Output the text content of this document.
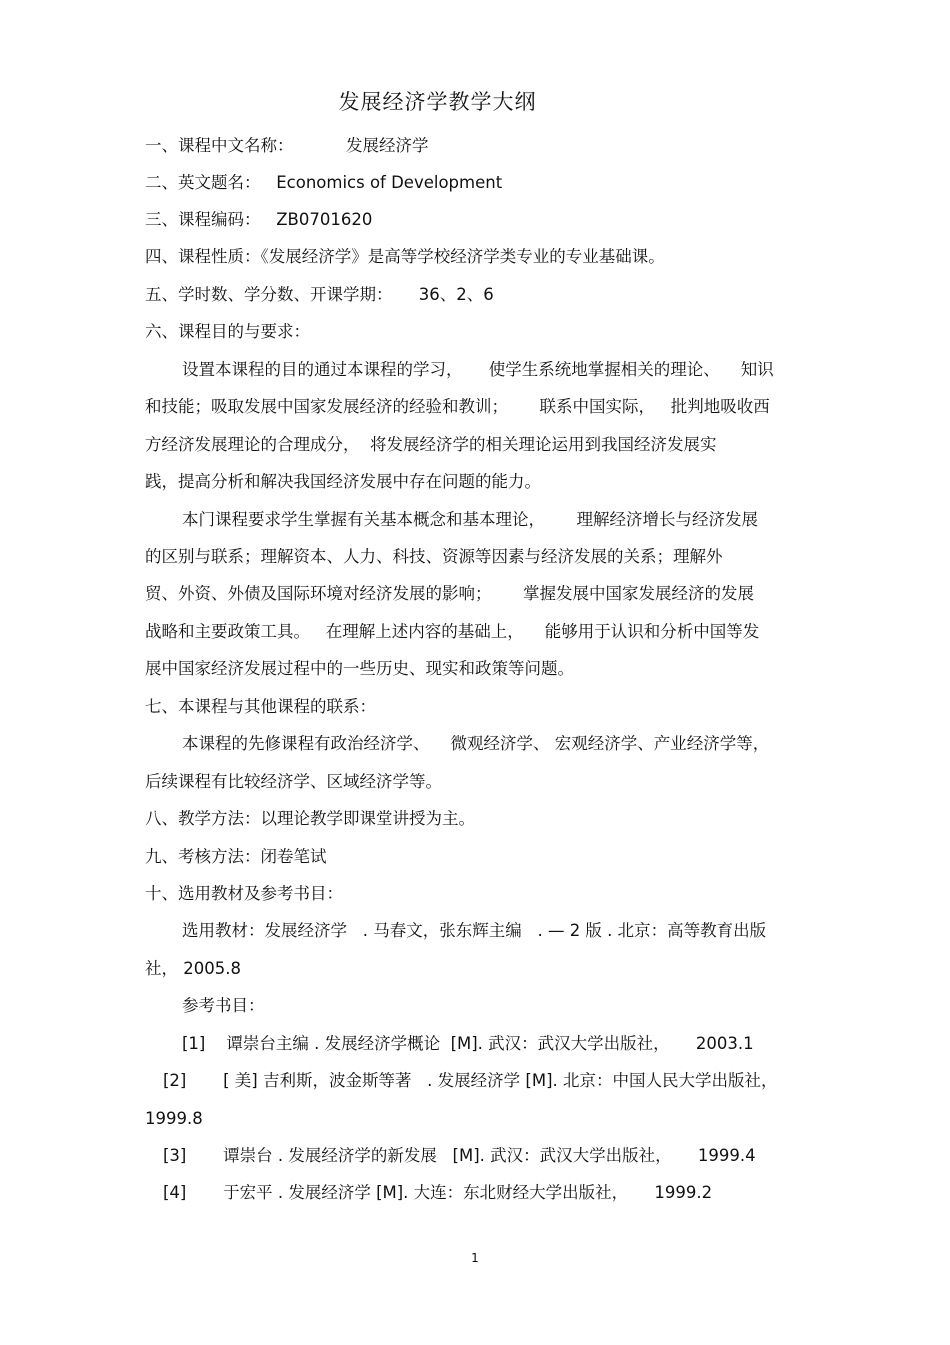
发展经济学教学大纲
一、课程中文名称：          发展经济学
二、英文题名：   Economics of Development
三、课程编码：   ZB0701620
四、课程性质：《发展经济学》是高等学校经济学类专业的专业基础课。
五、学时数、学分数、开课学期：     36、2、6
六、课程目的与要求：
设置本课程的目的通过本课程的学习，     使学生系统地掌握相关的理论、    知识
和技能；吸取发展中国家发展经济的经验和教训；      联系中国实际，   批判地吸收西
方经济发展理论的合理成分，  将发展经济学的相关理论运用到我国经济发展实
践，提高分析和解决我国经济发展中存在问题的能力。
本门课程要求学生掌握有关基本概念和基本理论，      理解经济增长与经济发展
的区别与联系；理解资本、人力、科技、资源等因素与经济发展的关系；理解外
贸、外资、外债及国际环境对经济发展的影响；      掌握发展中国家发展经济的发展
战略和主要政策工具。   在理解上述内容的基础上，    能够用于认识和分析中国等发
展中国家经济发展过程中的一些历史、现实和政策等问题。
七、本课程与其他课程的联系：
本课程的先修课程有政治经济学、    微观经济学、 宏观经济学、产业经济学等，
后续课程有比较经济学、区域经济学等。
八、教学方法：以理论教学即课堂讲授为主。
九、考核方法：闭卷笔试
十、选用教材及参考书目：
选用教材：发展经济学   . 马春文，张东辉主编   . — 2 版 . 北京：高等教育出版
社， 2005.8
参考书目：
[1]    谭崇台主编 . 发展经济学概论  [M]. 武汉：武汉大学出版社，     2003.1
[2]       [ 美] 吉利斯，波金斯等著   . 发展经济学 [M]. 北京：中国人民大学出版社，
1999.8
[3]       谭崇台 . 发展经济学的新发展   [M]. 武汉：武汉大学出版社，     1999.4
[4]       于宏平 . 发展经济学 [M]. 大连：东北财经大学出版社，     1999.2
1
